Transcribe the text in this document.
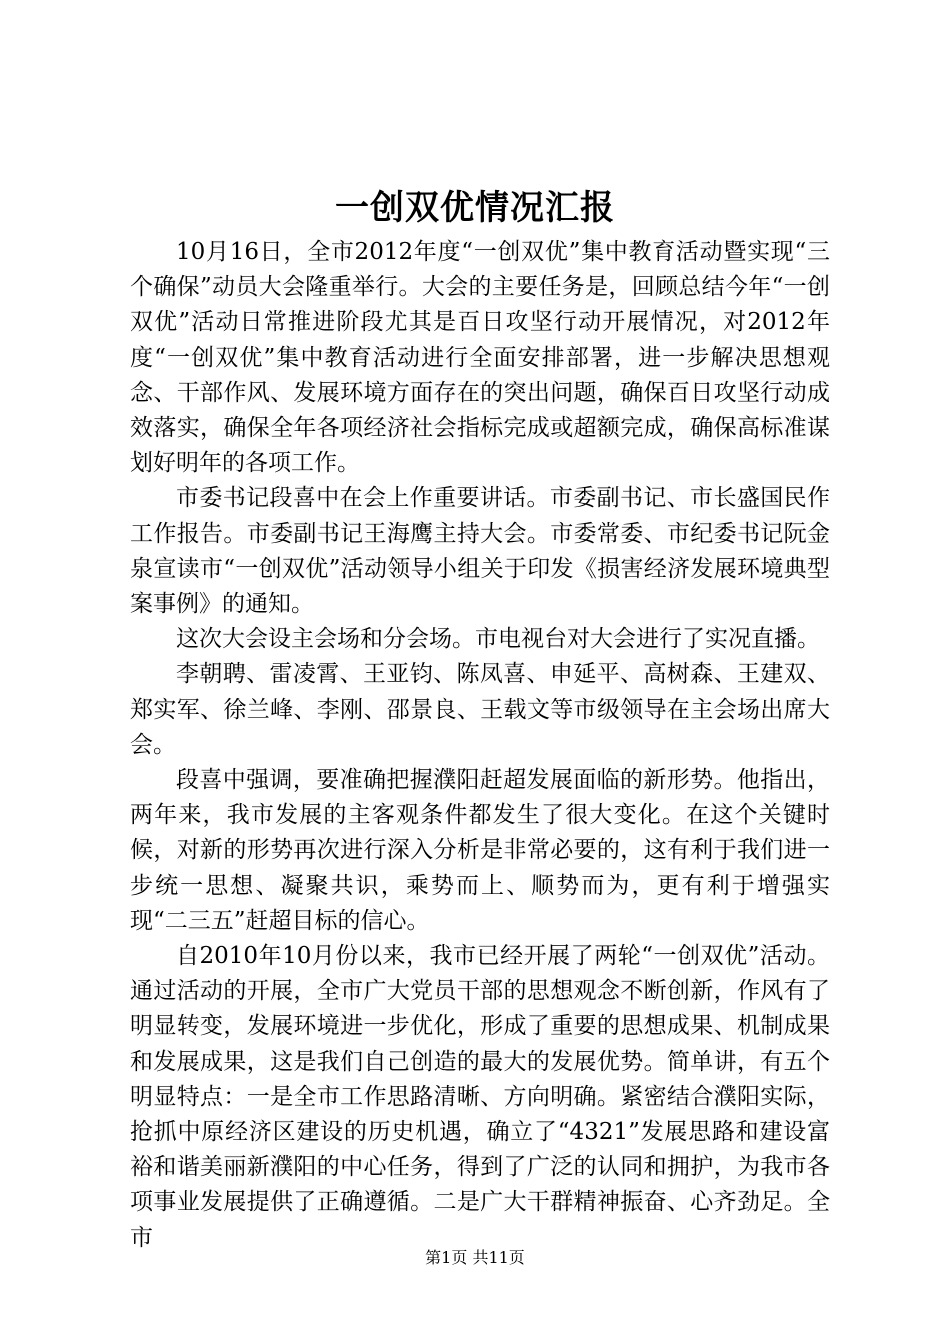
一创双优情况汇报

10月16日，全市2012年度“一创双优”集中教育活动暨实现“三个确保”动员大会隆重举行。大会的主要任务是，回顾总结今年“一创双优”活动日常推进阶段尤其是百日攻坚行动开展情况，对2012年度“一创双优”集中教育活动进行全面安排部署，进一步解决思想观念、干部作风、发展环境方面存在的突出问题，确保百日攻坚行动成效落实，确保全年各项经济社会指标完成或超额完成，确保高标准谋划好明年的各项工作。

市委书记段喜中在会上作重要讲话。市委副书记、市长盛国民作工作报告。市委副书记王海鹰主持大会。市委常委、市纪委书记阮金泉宣读市“一创双优”活动领导小组关于印发《损害经济发展环境典型案事例》的通知。

这次大会设主会场和分会场。市电视台对大会进行了实况直播。

李朝聘、雷凌霄、王亚钧、陈凤喜、申延平、高树森、王建双、郑实军、徐兰峰、李刚、邵景良、王载文等市级领导在主会场出席大会。

段喜中强调，要准确把握濮阳赶超发展面临的新形势。他指出，两年来，我市发展的主客观条件都发生了很大变化。在这个关键时候，对新的形势再次进行深入分析是非常必要的，这有利于我们进一步统一思想、凝聚共识，乘势而上、顺势而为，更有利于增强实现“二三五”赶超目标的信心。

自2010年10月份以来，我市已经开展了两轮“一创双优”活动。通过活动的开展，全市广大党员干部的思想观念不断创新，作风有了明显转变，发展环境进一步优化，形成了重要的思想成果、机制成果和发展成果，这是我们自己创造的最大的发展优势。简单讲，有五个明显特点：一是全市工作思路清晰、方向明确。紧密结合濮阳实际，抢抓中原经济区建设的历史机遇，确立了“4321”发展思路和建设富裕和谐美丽新濮阳的中心任务，得到了广泛的认同和拥护，为我市各项事业发展提供了正确遵循。二是广大干群精神振奋、心齐劲足。全市

第1页 共11页
